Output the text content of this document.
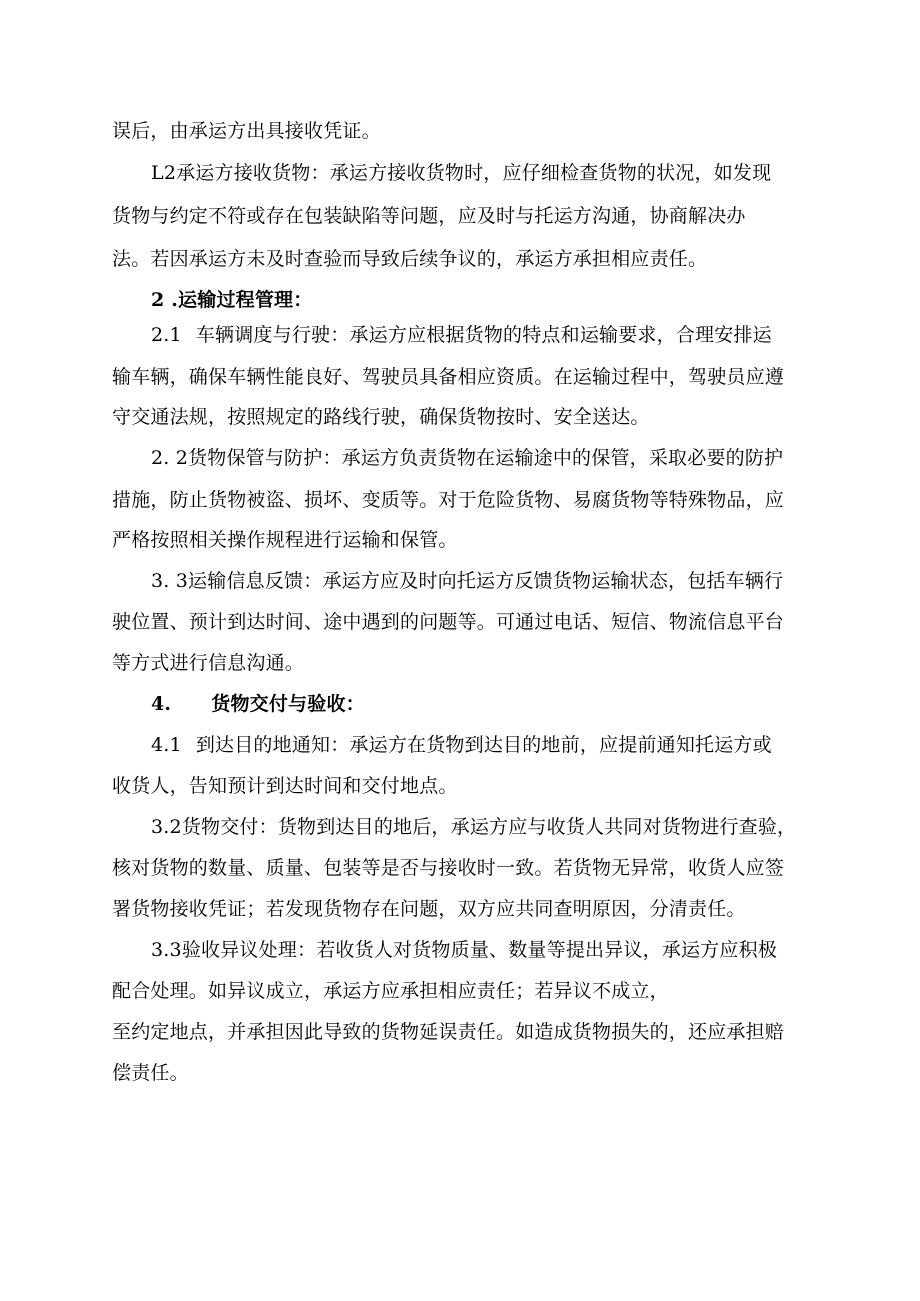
误后，由承运方出具接收凭证。
L2承运方接收货物：承运方接收货物时，应仔细检查货物的状况，如发现
货物与约定不符或存在包装缺陷等问题，应及时与托运方沟通，协商解决办
法。若因承运方未及时查验而导致后续争议的，承运方承担相应责任。
2 .运输过程管理：
2.1 车辆调度与行驶：承运方应根据货物的特点和运输要求，合理安排运
输车辆，确保车辆性能良好、驾驶员具备相应资质。在运输过程中，驾驶员应遵
守交通法规，按照规定的路线行驶，确保货物按时、安全送达。
2. 2货物保管与防护：承运方负责货物在运输途中的保管，采取必要的防护
措施，防止货物被盗、损坏、变质等。对于危险货物、易腐货物等特殊物品，应
严格按照相关操作规程进行运输和保管。
3. 3运输信息反馈：承运方应及时向托运方反馈货物运输状态，包括车辆行
驶位置、预计到达时间、途中遇到的问题等。可通过电话、短信、物流信息平台
等方式进行信息沟通。
4. 货物交付与验收：
4.1 到达目的地通知：承运方在货物到达目的地前，应提前通知托运方或
收货人，告知预计到达时间和交付地点。
3.2货物交付：货物到达目的地后，承运方应与收货人共同对货物进行查验，
核对货物的数量、质量、包装等是否与接收时一致。若货物无异常，收货人应签
署货物接收凭证；若发现货物存在问题，双方应共同查明原因，分清责任。
3.3验收异议处理：若收货人对货物质量、数量等提出异议，承运方应积极
配合处理。如异议成立，承运方应承担相应责任；若异议不成立，
至约定地点，并承担因此导致的货物延误责任。如造成货物损失的，还应承担赔
偿责任。
